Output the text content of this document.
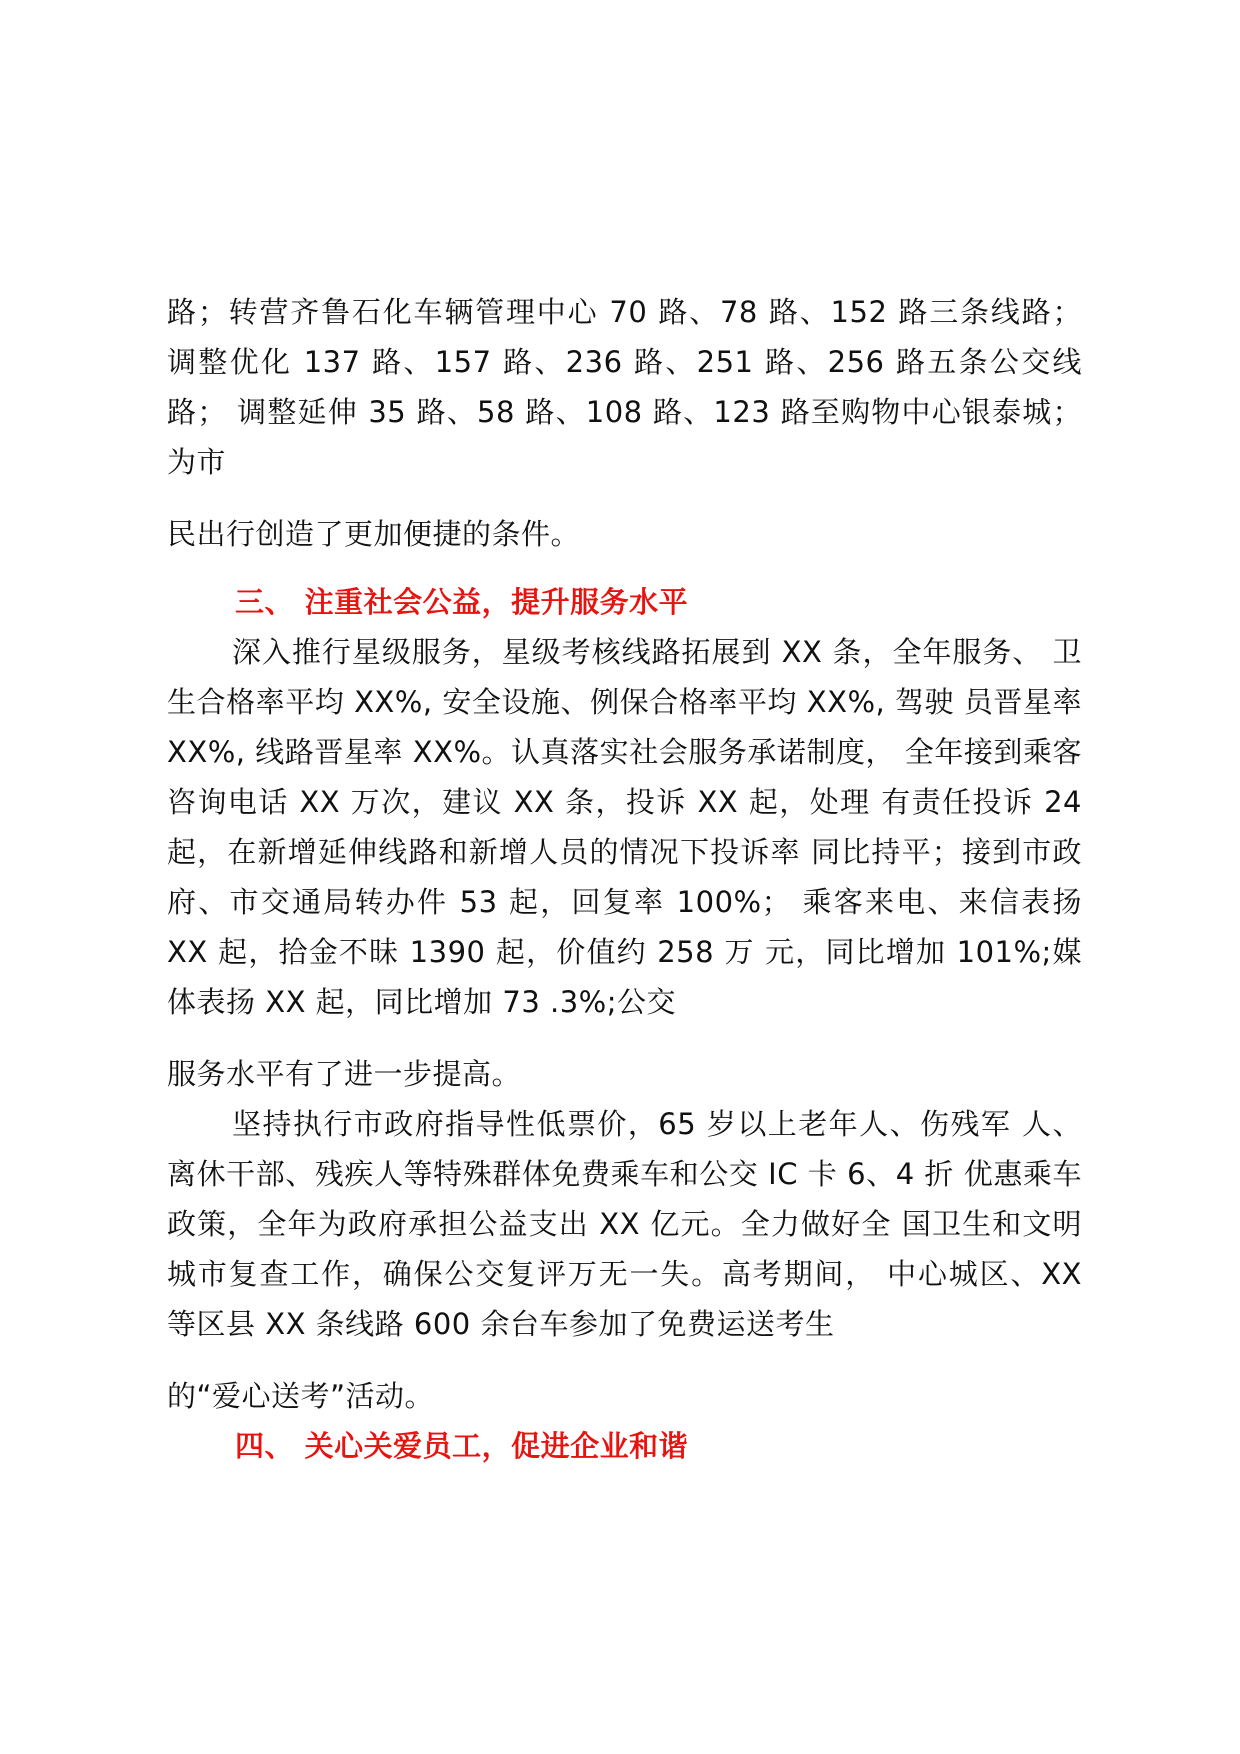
路；转营齐鲁石化车辆管理中心 70 路、78 路、152 路三条线路； 调整优化 137 路、157 路、236 路、251 路、256 路五条公交线路； 调整延伸 35 路、58 路、108 路、123 路至购物中心银泰城；为市

民出行创造了更加便捷的条件。

三、 注重社会公益，提升服务水平

深入推行星级服务，星级考核线路拓展到 XX 条，全年服务、 卫生合格率平均 XX%, 安全设施、例保合格率平均 XX%, 驾驶 员晋星率 XX%, 线路晋星率 XX%。认真落实社会服务承诺制度， 全年接到乘客咨询电话 XX 万次，建议 XX 条，投诉 XX 起，处理 有责任投诉 24 起，在新增延伸线路和新增人员的情况下投诉率 同比持平；接到市政府、市交通局转办件 53 起，回复率 100%； 乘客来电、来信表扬 XX 起，拾金不昧 1390 起，价值约 258 万 元，同比增加 101%;媒体表扬 XX 起，同比增加 73 .3%;公交

服务水平有了进一步提高。

坚持执行市政府指导性低票价，65 岁以上老年人、伤残军 人、离休干部、残疾人等特殊群体免费乘车和公交 IC 卡 6、4 折 优惠乘车政策，全年为政府承担公益支出 XX 亿元。全力做好全 国卫生和文明城市复查工作，确保公交复评万无一失。高考期间， 中心城区、XX 等区县 XX 条线路 600 余台车参加了免费运送考生

的“爱心送考”活动。

四、 关心关爱员工，促进企业和谐
